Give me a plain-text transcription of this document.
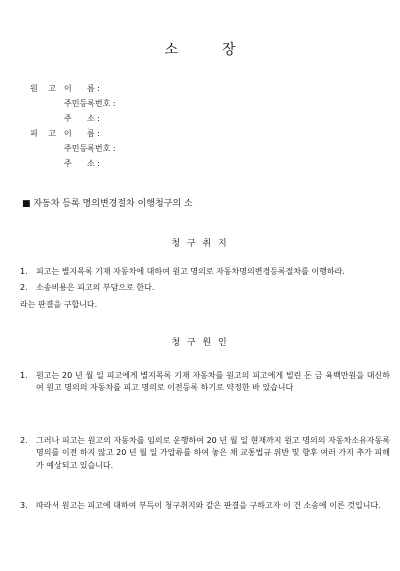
소	장
원 고 이      름 :
주민등록번호 :
주      소 :
피 고 이      름 :
주민등록번호 :
주      소 :
■ 자동차 등록 명의변경절차 이행청구의 소
청 구 취 지
1.	피고는 별지목록 기재 자동차에 대하여 원고 명의로 자동차명의변경등록절차를 이행하라.
2.	소송비용은 피고의 부담으로 한다.
라는 판결을 구합니다.
청 구 원 인
1.	원고는 20 년 월 일 피고에게 별지목록 기재 자동차를 원고의 피고에게 빌린 돈 금 육백만원을 대신하여 원고 명의의 자동차를 피고 명의로 이전등록 하기로 약정한 바 있습니다
2.	그러나 피고는 원고의 자동차를 임의로 운행하여 20 년 월 일 현재까지 원고 명의의 자동차소유자동록명의를 이전 하지 않고 20 년 월 일 가압류를 하여 놓은 채 교통법규 위반 및 향후 여러 가지 추가 피해가 예상되고 있습니다.
3.	따라서 원고는 피고에 대하여 부득이 청구취지와 같은 판결을 구하고자 이 건 소송에 이른 것입니다.
